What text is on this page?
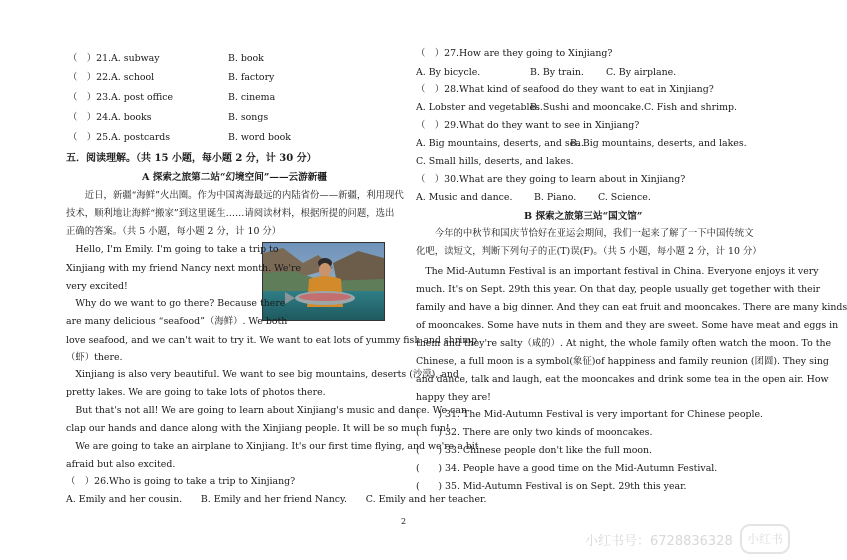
（　）21.A. subway	B. book
（　）22.A. school	B. factory
（　）23.A. post office	B. cinema
（　）24.A. books	B. songs
（　）25.A. postcards	B. word book
五．阅读理解。（共 15 小题，每小题 2 分，计 30 分）
A 探索之旅第二站“幻境空间”——云游新疆
　　近日，新疆“海鲜”火出圈。作为中国离海最远的内陆省份——新疆，利用现代
技术，顺利地让海鲜“搬家”到这里诞生……请阅读材料，根据所提的问题，选出
正确的答案。（共 5 小题，每小题 2 分，计 10 分）
　Hello, I'm Emily. I'm going to take a trip to
Xinjiang with my friend Nancy next month. We're
very excited!
　Why do we want to go there? Because there
are many delicious “seafood”（海鲜）. We both
love seafood, and we can't wait to try it. We want to eat lots of yummy fish and shrimp
（虾）there.
　Xinjiang is also very beautiful. We want to see big mountains, deserts (沙漠), and
pretty lakes. We are going to take lots of photos there.
　But that's not all! We are going to learn about Xinjiang's music and dance. We can
clap our hands and dance along with the Xinjiang people. It will be so much fun!
　We are going to take an airplane to Xinjiang. It's our first time flying, and we're a bit
afraid but also excited.
（　）26.Who is going to take a trip to Xinjiang?
A. Emily and her cousin.　　B. Emily and her friend Nancy.　　C. Emily and her teacher.
（　）27.How are they going to Xinjiang?
A. By bicycle.	B. By train. C. By airplane.
（　）28.What kind of seafood do they want to eat in Xinjiang?
A. Lobster and vegetables.
B. Sushi and mooncake. C. Fish and shrimp.
（　）29.What do they want to see in Xinjiang?
A. Big mountains, deserts, and sea.
B. Big mountains, deserts, and lakes.
C. Small hills, deserts, and lakes.
（　）30.What are they going to learn about in Xinjiang?
A. Music and dance. B. Piano. C. Science.
B 探索之旅第三站“国文馆”
　　今年的中秋节和国庆节恰好在亚运会期间，我们一起来了解了一下中国传统文
化吧，读短文，判断下列句子的正(T)误(F)。（共 5 小题，每小题 2 分，计 10 分）
　The Mid-Autumn Festival is an important festival in China. Everyone enjoys it very
much. It's on Sept. 29th this year. On that day, people usually get together with their
family and have a big dinner. And they can eat fruit and mooncakes. There are many kinds
of mooncakes. Some have nuts in them and they are sweet. Some have meat and eggs in
them and they're salty（咸的）. At night, the whole family often watch the moon. To the
Chinese, a full moon is a symbol(象征)of happiness and family reunion (团圆). They sing
and dance, talk and laugh, eat the mooncakes and drink some tea in the open air. How
happy they are!
(　　) 31. The Mid-Autumn Festival is very important for Chinese people.
(　　) 32. There are only two kinds of mooncakes.
(　　) 33. Chinese people don't like the full moon.
(　　) 34. People have a good time on the Mid-Autumn Festival.
(　　) 35. Mid-Autumn Festival is on Sept. 29th this year.
2
小红书号：6728836328	小红书
